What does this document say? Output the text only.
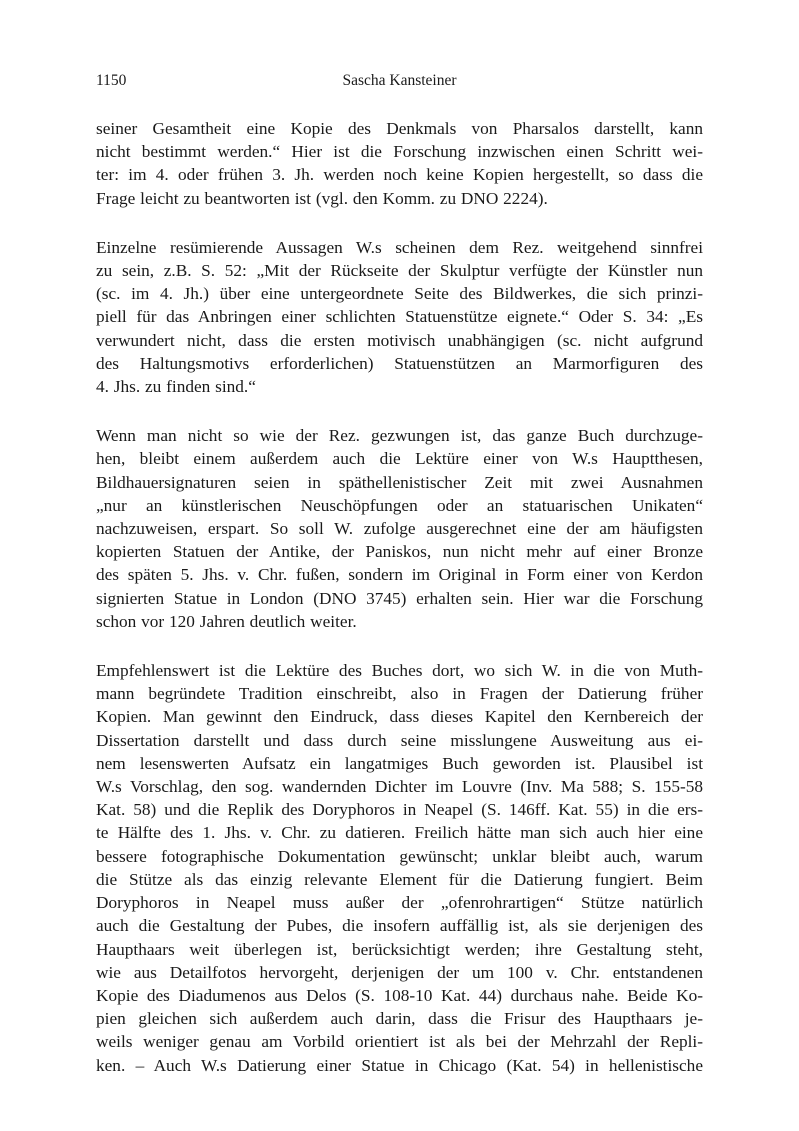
1150	Sascha Kansteiner

seiner Gesamtheit eine Kopie des Denkmals von Pharsalos darstellt, kann
nicht bestimmt werden.“ Hier ist die Forschung inzwischen einen Schritt wei-
ter: im 4. oder frühen 3. Jh. werden noch keine Kopien hergestellt, so dass die
Frage leicht zu beantworten ist (vgl. den Komm. zu DNO 2224).

Einzelne resümierende Aussagen W.s scheinen dem Rez. weitgehend sinnfrei
zu sein, z.B. S. 52: „Mit der Rückseite der Skulptur verfügte der Künstler nun
(sc. im 4. Jh.) über eine untergeordnete Seite des Bildwerkes, die sich prinzi-
piell für das Anbringen einer schlichten Statuenstütze eignete.“ Oder S. 34: „Es
verwundert nicht, dass die ersten motivisch unabhängigen (sc. nicht aufgrund
des Haltungsmotivs erforderlichen) Statuenstützen an Marmorfiguren des
4. Jhs. zu finden sind.“

Wenn man nicht so wie der Rez. gezwungen ist, das ganze Buch durchzuge-
hen, bleibt einem außerdem auch die Lektüre einer von W.s Hauptthesen,
Bildhauersignaturen seien in späthellenistischer Zeit mit zwei Ausnahmen
„nur an künstlerischen Neuschöpfungen oder an statuarischen Unikaten“
nachzuweisen, erspart. So soll W. zufolge ausgerechnet eine der am häufigsten
kopierten Statuen der Antike, der Paniskos, nun nicht mehr auf einer Bronze
des späten 5. Jhs. v. Chr. fußen, sondern im Original in Form einer von Kerdon
signierten Statue in London (DNO 3745) erhalten sein. Hier war die Forschung
schon vor 120 Jahren deutlich weiter.

Empfehlenswert ist die Lektüre des Buches dort, wo sich W. in die von Muth-
mann begründete Tradition einschreibt, also in Fragen der Datierung früher
Kopien. Man gewinnt den Eindruck, dass dieses Kapitel den Kernbereich der
Dissertation darstellt und dass durch seine misslungene Ausweitung aus ei-
nem lesenswerten Aufsatz ein langatmiges Buch geworden ist. Plausibel ist
W.s Vorschlag, den sog. wandernden Dichter im Louvre (Inv. Ma 588; S. 155-58
Kat. 58) und die Replik des Doryphoros in Neapel (S. 146ff. Kat. 55) in die ers-
te Hälfte des 1. Jhs. v. Chr. zu datieren. Freilich hätte man sich auch hier eine
bessere fotographische Dokumentation gewünscht; unklar bleibt auch, warum
die Stütze als das einzig relevante Element für die Datierung fungiert. Beim
Doryphoros in Neapel muss außer der „ofenrohrartigen“ Stütze natürlich
auch die Gestaltung der Pubes, die insofern auffällig ist, als sie derjenigen des
Haupthaars weit überlegen ist, berücksichtigt werden; ihre Gestaltung steht,
wie aus Detailfotos hervorgeht, derjenigen der um 100 v. Chr. entstandenen
Kopie des Diadumenos aus Delos (S. 108-10 Kat. 44) durchaus nahe. Beide Ko-
pien gleichen sich außerdem auch darin, dass die Frisur des Haupthaars je-
weils weniger genau am Vorbild orientiert ist als bei der Mehrzahl der Repli-
ken. – Auch W.s Datierung einer Statue in Chicago (Kat. 54) in hellenistische
